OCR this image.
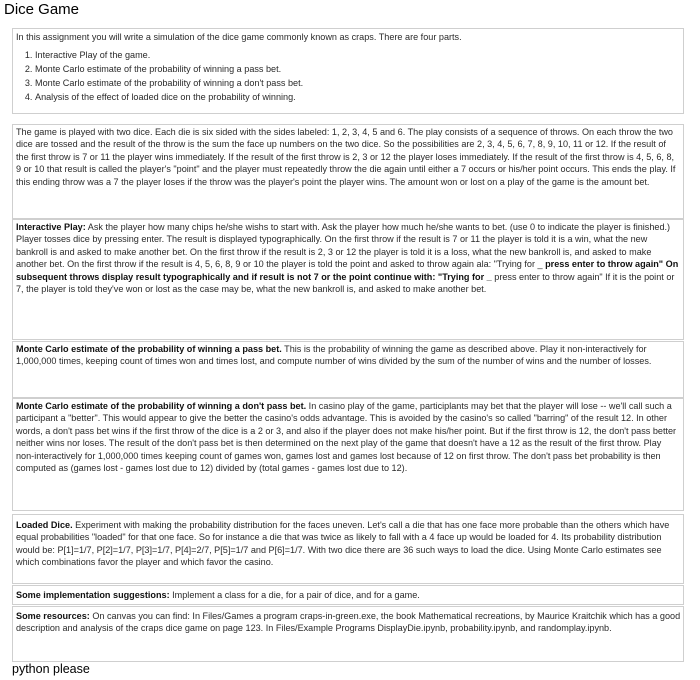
Dice Game

In this assignment you will write a simulation of the dice game commonly known as craps. There are four parts.

1. Interactive Play of the game.
2. Monte Carlo estimate of the probability of winning a pass bet.
3. Monte Carlo estimate of the probability of winning a don't pass bet.
4. Analysis of the effect of loaded dice on the probability of winning.

The game is played with two dice. Each die is six sided with the sides labeled: 1, 2, 3, 4, 5 and 6. The play consists of a sequence of throws. On each throw the two dice are tossed and the result of the throw is the sum the face up numbers on the two dice. So the possibilities are 2, 3, 4, 5, 6, 7, 8, 9, 10, 11 or 12. If the result of the first throw is 7 or 11 the player wins immediately. If the result of the first throw is 2, 3 or 12 the player loses immediately. If the result of the first throw is 4, 5, 6, 8, 9 or 10 that result is called the player's "point" and the player must repeatedly throw the die again until either a 7 occurs or his/her point occurs. This ends the play. If this ending throw was a 7 the player loses if the throw was the player's point the player wins. The amount won or lost on a play of the game is the amount bet.

Interactive Play: Ask the player how many chips he/she wishs to start with. Ask the player how much he/she wants to bet. (use 0 to indicate the player is finished.) Player tosses dice by pressing enter. The result is displayed typographically. On the first throw if the result is 7 or 11 the player is told it is a win, what the new bankroll is and asked to make another bet. On the first throw if the result is 2, 3 or 12 the player is told it is a loss, what the new bankroll is, and asked to make another bet. On the first throw if the result is 4, 5, 6, 8, 9 or 10 the player is told the point and asked to throw again ala: "Trying for _ press enter to throw again" On subsequent throws display result typographically and if result is not 7 or the point continue with: "Trying for _ press enter to throw again" If it is the point or 7, the player is told they've won or lost as the case may be, what the new bankroll is, and asked to make another bet.

Monte Carlo estimate of the probability of winning a pass bet. This is the probability of winning the game as described above. Play it non-interactively for 1,000,000 times, keeping count of times won and times lost, and compute number of wins divided by the sum of the number of wins and the number of losses.

Monte Carlo estimate of the probability of winning a don't pass bet. In casino play of the game, participlants may bet that the player will lose -- we'll call such a participant a "better". This would appear to give the better the casino's odds advantage. This is avoided by the casino's so called "barring" of the result 12. In other words, a don't pass bet wins if the first throw of the dice is a 2 or 3, and also if the player does not make his/her point. But if the first throw is 12, the don't pass better neither wins nor loses. The result of the don't pass bet is then determined on the next play of the game that doesn't have a 12 as the result of the first throw. Play non-interactively for 1,000,000 times keeping count of games won, games lost and games lost because of 12 on first throw. The don't pass bet probability is then computed as (games lost - games lost due to 12) divided by (total games - games lost due to 12).

Loaded Dice. Experiment with making the probability distribution for the faces uneven. Let's call a die that has one face more probable than the others which have equal probabilities "loaded" for that one face. So for instance a die that was twice as likely to fall with a 4 face up would be loaded for 4. Its probability distribution would be: P[1]=1/7, P[2]=1/7, P[3]=1/7, P[4]=2/7, P[5]=1/7 and P[6]=1/7. With two dice there are 36 such ways to load the dice. Using Monte Carlo estimates see which combinations favor the player and which favor the casino.

Some implementation suggestions: Implement a class for a die, for a pair of dice, and for a game.

Some resources: On canvas you can find: In Files/Games a program craps-in-green.exe, the book Mathematical recreations, by Maurice Kraitchik which has a good description and analysis of the craps dice game on page 123. In Files/Example Programs DisplayDie.ipynb, probability.ipynb, and randomplay.ipynb.

python please
